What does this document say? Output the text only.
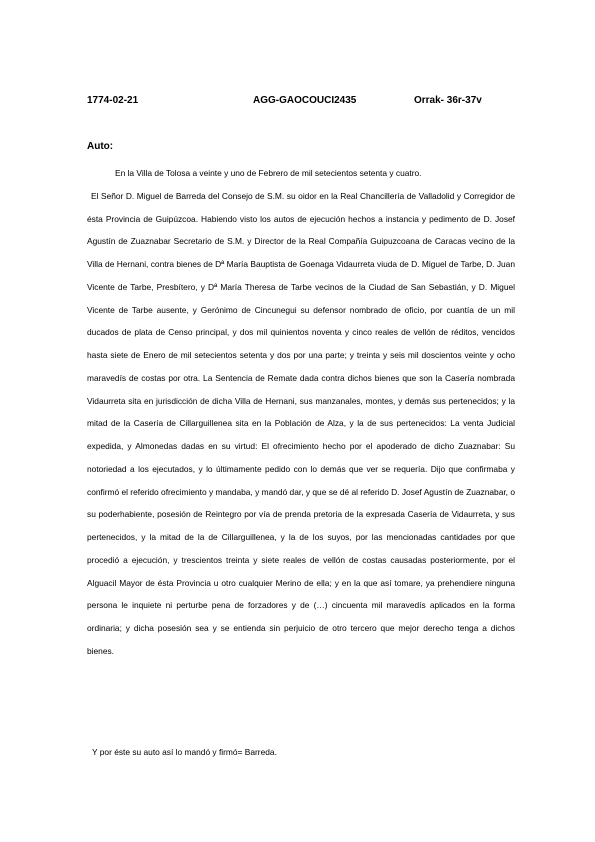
1774-02-21	AGG-GAOCOUCI2435	Orrak- 36r-37v
Auto:

En la Villa de Tolosa a veinte y uno de Febrero de mil setecientos setenta y cuatro.

El Señor D. Miguel de Barreda del Consejo de S.M. su oidor en la Real Chancillería de Valladolid y Corregidor de ésta Provincia de Guipúzcoa. Habiendo visto los autos de ejecución hechos a instancia y pedimento de D. Josef Agustín de Zuaznabar Secretario de S.M. y Director de la Real Compañía Guipuzcoana de Caracas vecino de la Villa de Hernani, contra bienes de Dª María Bauptista de Goenaga Vidaurreta viuda de D. Miguel de Tarbe, D. Juan Vicente de Tarbe, Presbítero, y Dª María Theresa de Tarbe vecinos de la Ciudad de San Sebastián, y D. Miguel Vicente de Tarbe ausente, y Gerónimo de Cincunegui su defensor nombrado de oficio, por cuantía de un mil ducados de plata de Censo principal, y dos mil quinientos noventa y cinco reales de vellón de réditos, vencidos hasta siete de Enero de mil setecientos setenta y dos por una parte; y treinta y seis mil doscientos veinte y ocho maravedís de costas por otra. La Sentencia de Remate dada contra dichos bienes que son la Casería nombrada Vidaurreta sita en jurisdicción de dicha Villa de Hernani, sus manzanales, montes, y demás sus pertenecidos; y la mitad de la Casería de Cillarguillenea sita en la Población de Alza, y la de sus pertenecidos: La venta Judicial expedida, y Almonedas dadas en su virtud: El ofrecimiento hecho por el apoderado de dicho Zuaznabar: Su notoriedad a los ejecutados, y lo últimamente pedido con lo demás que ver se requería. Dijo que confirmaba y confirmó el referido ofrecimiento y mandaba, y mandó dar, y que se dé al referido D. Josef Agustín de Zuaznabar, o su poderhabiente, posesión de Reintegro por vía de prenda pretoria de la expresada Casería de Vidaurreta, y sus pertenecidos, y la mitad de la de Cillarguillenea, y la de los suyos, por las mencionadas cantidades por que procedió a ejecución, y trescientos treinta y siete reales de vellón de costas causadas posteriormente, por el Alguacil Mayor de ésta Provincia u otro cualquier Merino de ella; y en la que así tomare, ya prehendiere ninguna persona le inquiete ni perturbe pena de forzadores y de (…) cincuenta mil maravedís aplicados en la forma ordinaria; y dicha posesión sea y se entienda sin perjuicio de otro tercero que mejor derecho tenga a dichos bienes.

Y por éste su auto así lo mandó y firmó= Barreda.
